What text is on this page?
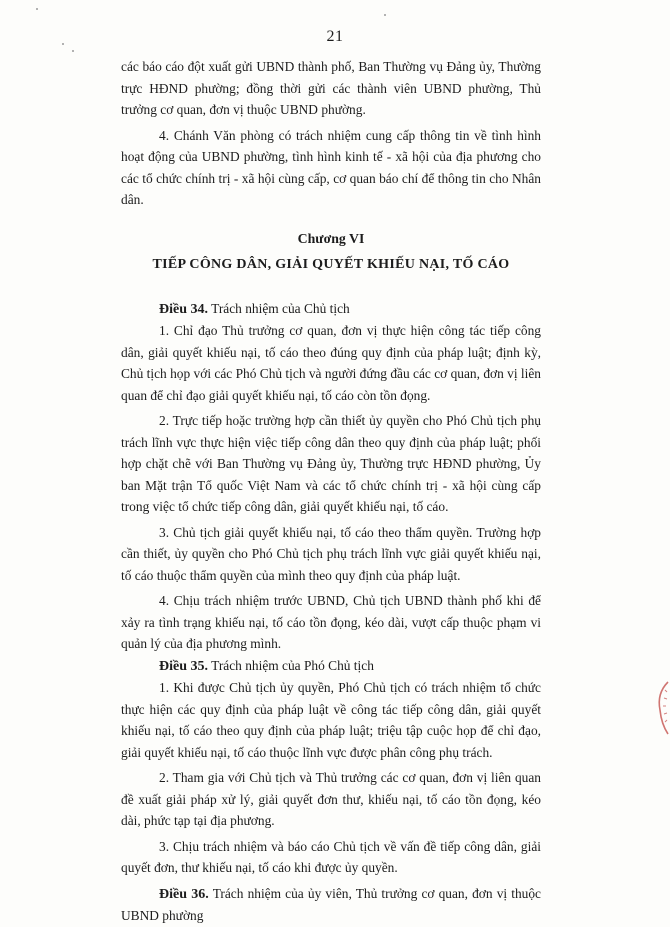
21

các báo cáo đột xuất gửi UBND thành phố, Ban Thường vụ Đảng ủy, Thường trực HĐND phường; đồng thời gửi các thành viên UBND phường, Thủ trưởng cơ quan, đơn vị thuộc UBND phường.

4. Chánh Văn phòng có trách nhiệm cung cấp thông tin về tình hình hoạt động của UBND phường, tình hình kinh tế - xã hội của địa phương cho các tổ chức chính trị - xã hội cùng cấp, cơ quan báo chí để thông tin cho Nhân dân.

Chương VI
TIẾP CÔNG DÂN, GIẢI QUYẾT KHIẾU NẠI, TỐ CÁO

Điều 34. Trách nhiệm của Chủ tịch

1. Chỉ đạo Thủ trưởng cơ quan, đơn vị thực hiện công tác tiếp công dân, giải quyết khiếu nại, tố cáo theo đúng quy định của pháp luật; định kỳ, Chủ tịch họp với các Phó Chủ tịch và người đứng đầu các cơ quan, đơn vị liên quan để chỉ đạo giải quyết khiếu nại, tố cáo còn tồn đọng.

2. Trực tiếp hoặc trường hợp cần thiết ủy quyền cho Phó Chủ tịch phụ trách lĩnh vực thực hiện việc tiếp công dân theo quy định của pháp luật; phối hợp chặt chẽ với Ban Thường vụ Đảng ủy, Thường trực HĐND phường, Ủy ban Mặt trận Tổ quốc Việt Nam và các tổ chức chính trị - xã hội cùng cấp trong việc tổ chức tiếp công dân, giải quyết khiếu nại, tố cáo.

3. Chủ tịch giải quyết khiếu nại, tố cáo theo thẩm quyền. Trường hợp cần thiết, ủy quyền cho Phó Chủ tịch phụ trách lĩnh vực giải quyết khiếu nại, tố cáo thuộc thẩm quyền của mình theo quy định của pháp luật.

4. Chịu trách nhiệm trước UBND, Chủ tịch UBND thành phố khi để xảy ra tình trạng khiếu nại, tố cáo tồn đọng, kéo dài, vượt cấp thuộc phạm vi quản lý của địa phương mình.

Điều 35. Trách nhiệm của Phó Chủ tịch

1. Khi được Chủ tịch ủy quyền, Phó Chủ tịch có trách nhiệm tổ chức thực hiện các quy định của pháp luật về công tác tiếp công dân, giải quyết khiếu nại, tố cáo theo quy định của pháp luật; triệu tập cuộc họp để chỉ đạo, giải quyết khiếu nại, tố cáo thuộc lĩnh vực được phân công phụ trách.

2. Tham gia với Chủ tịch và Thủ trưởng các cơ quan, đơn vị liên quan đề xuất giải pháp xử lý, giải quyết đơn thư, khiếu nại, tố cáo tồn đọng, kéo dài, phức tạp tại địa phương.

3. Chịu trách nhiệm và báo cáo Chủ tịch về vấn đề tiếp công dân, giải quyết đơn, thư khiếu nại, tố cáo khi được ủy quyền.

Điều 36. Trách nhiệm của ủy viên, Thủ trưởng cơ quan, đơn vị thuộc UBND phường
